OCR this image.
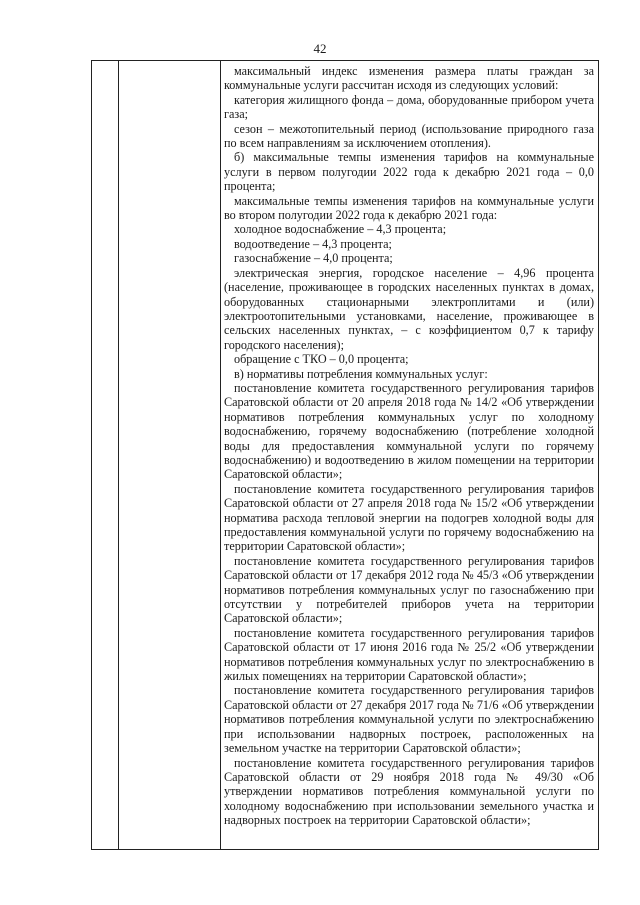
42

максимальный индекс изменения размера платы граждан за коммунальные услуги рассчитан исходя из следующих условий:

категория жилищного фонда – дома, оборудованные прибором учета газа;

сезон – межотопительный период (использование природного газа по всем направлениям за исключением отопления).

б) максимальные темпы изменения тарифов на коммунальные услуги в первом полугодии 2022 года к декабрю 2021 года – 0,0 процента;

максимальные темпы изменения тарифов на коммунальные услуги во втором полугодии 2022 года к декабрю 2021 года:

холодное водоснабжение – 4,3 процента;

водоотведение – 4,3 процента;

газоснабжение – 4,0 процента;

электрическая энергия, городское население – 4,96 процента (население, проживающее в городских населенных пунктах в домах, оборудованных стационарными электроплитами и (или) электроотопительными установками, население, проживающее в сельских населенных пунктах, – с коэффициентом 0,7 к тарифу городского населения);

обращение с ТКО – 0,0 процента;

в) нормативы потребления коммунальных услуг:

постановление комитета государственного регулирования тарифов Саратовской области от 20 апреля 2018 года № 14/2 «Об утверждении нормативов потребления коммунальных услуг по холодному водоснабжению, горячему водоснабжению (потребление холодной воды для предоставления коммунальной услуги по горячему водоснабжению) и водоотведению в жилом помещении на территории Саратовской области»;

постановление комитета государственного регулирования тарифов Саратовской области от 27 апреля 2018 года № 15/2 «Об утверждении норматива расхода тепловой энергии на подогрев холодной воды для предоставления коммунальной услуги по горячему водоснабжению на территории Саратовской области»;

постановление комитета государственного регулирования тарифов Саратовской области от 17 декабря 2012 года № 45/3 «Об утверждении нормативов потребления коммунальных услуг по газоснабжению при отсутствии у потребителей приборов учета на территории Саратовской области»;

постановление комитета государственного регулирования тарифов Саратовской области от 17 июня 2016 года № 25/2 «Об утверждении нормативов потребления коммунальных услуг по электроснабжению в жилых помещениях на территории Саратовской области»;

постановление комитета государственного регулирования тарифов Саратовской области от 27 декабря 2017 года № 71/6 «Об утверждении нормативов потребления коммунальной услуги по электроснабжению при использовании надворных построек, расположенных на земельном участке на территории Саратовской области»;

постановление комитета государственного регулирования тарифов Саратовской области от 29 ноября 2018 года № 49/30 «Об утверждении нормативов потребления коммунальной услуги по холодному водоснабжению при использовании земельного участка и надворных построек на территории Саратовской области»;
